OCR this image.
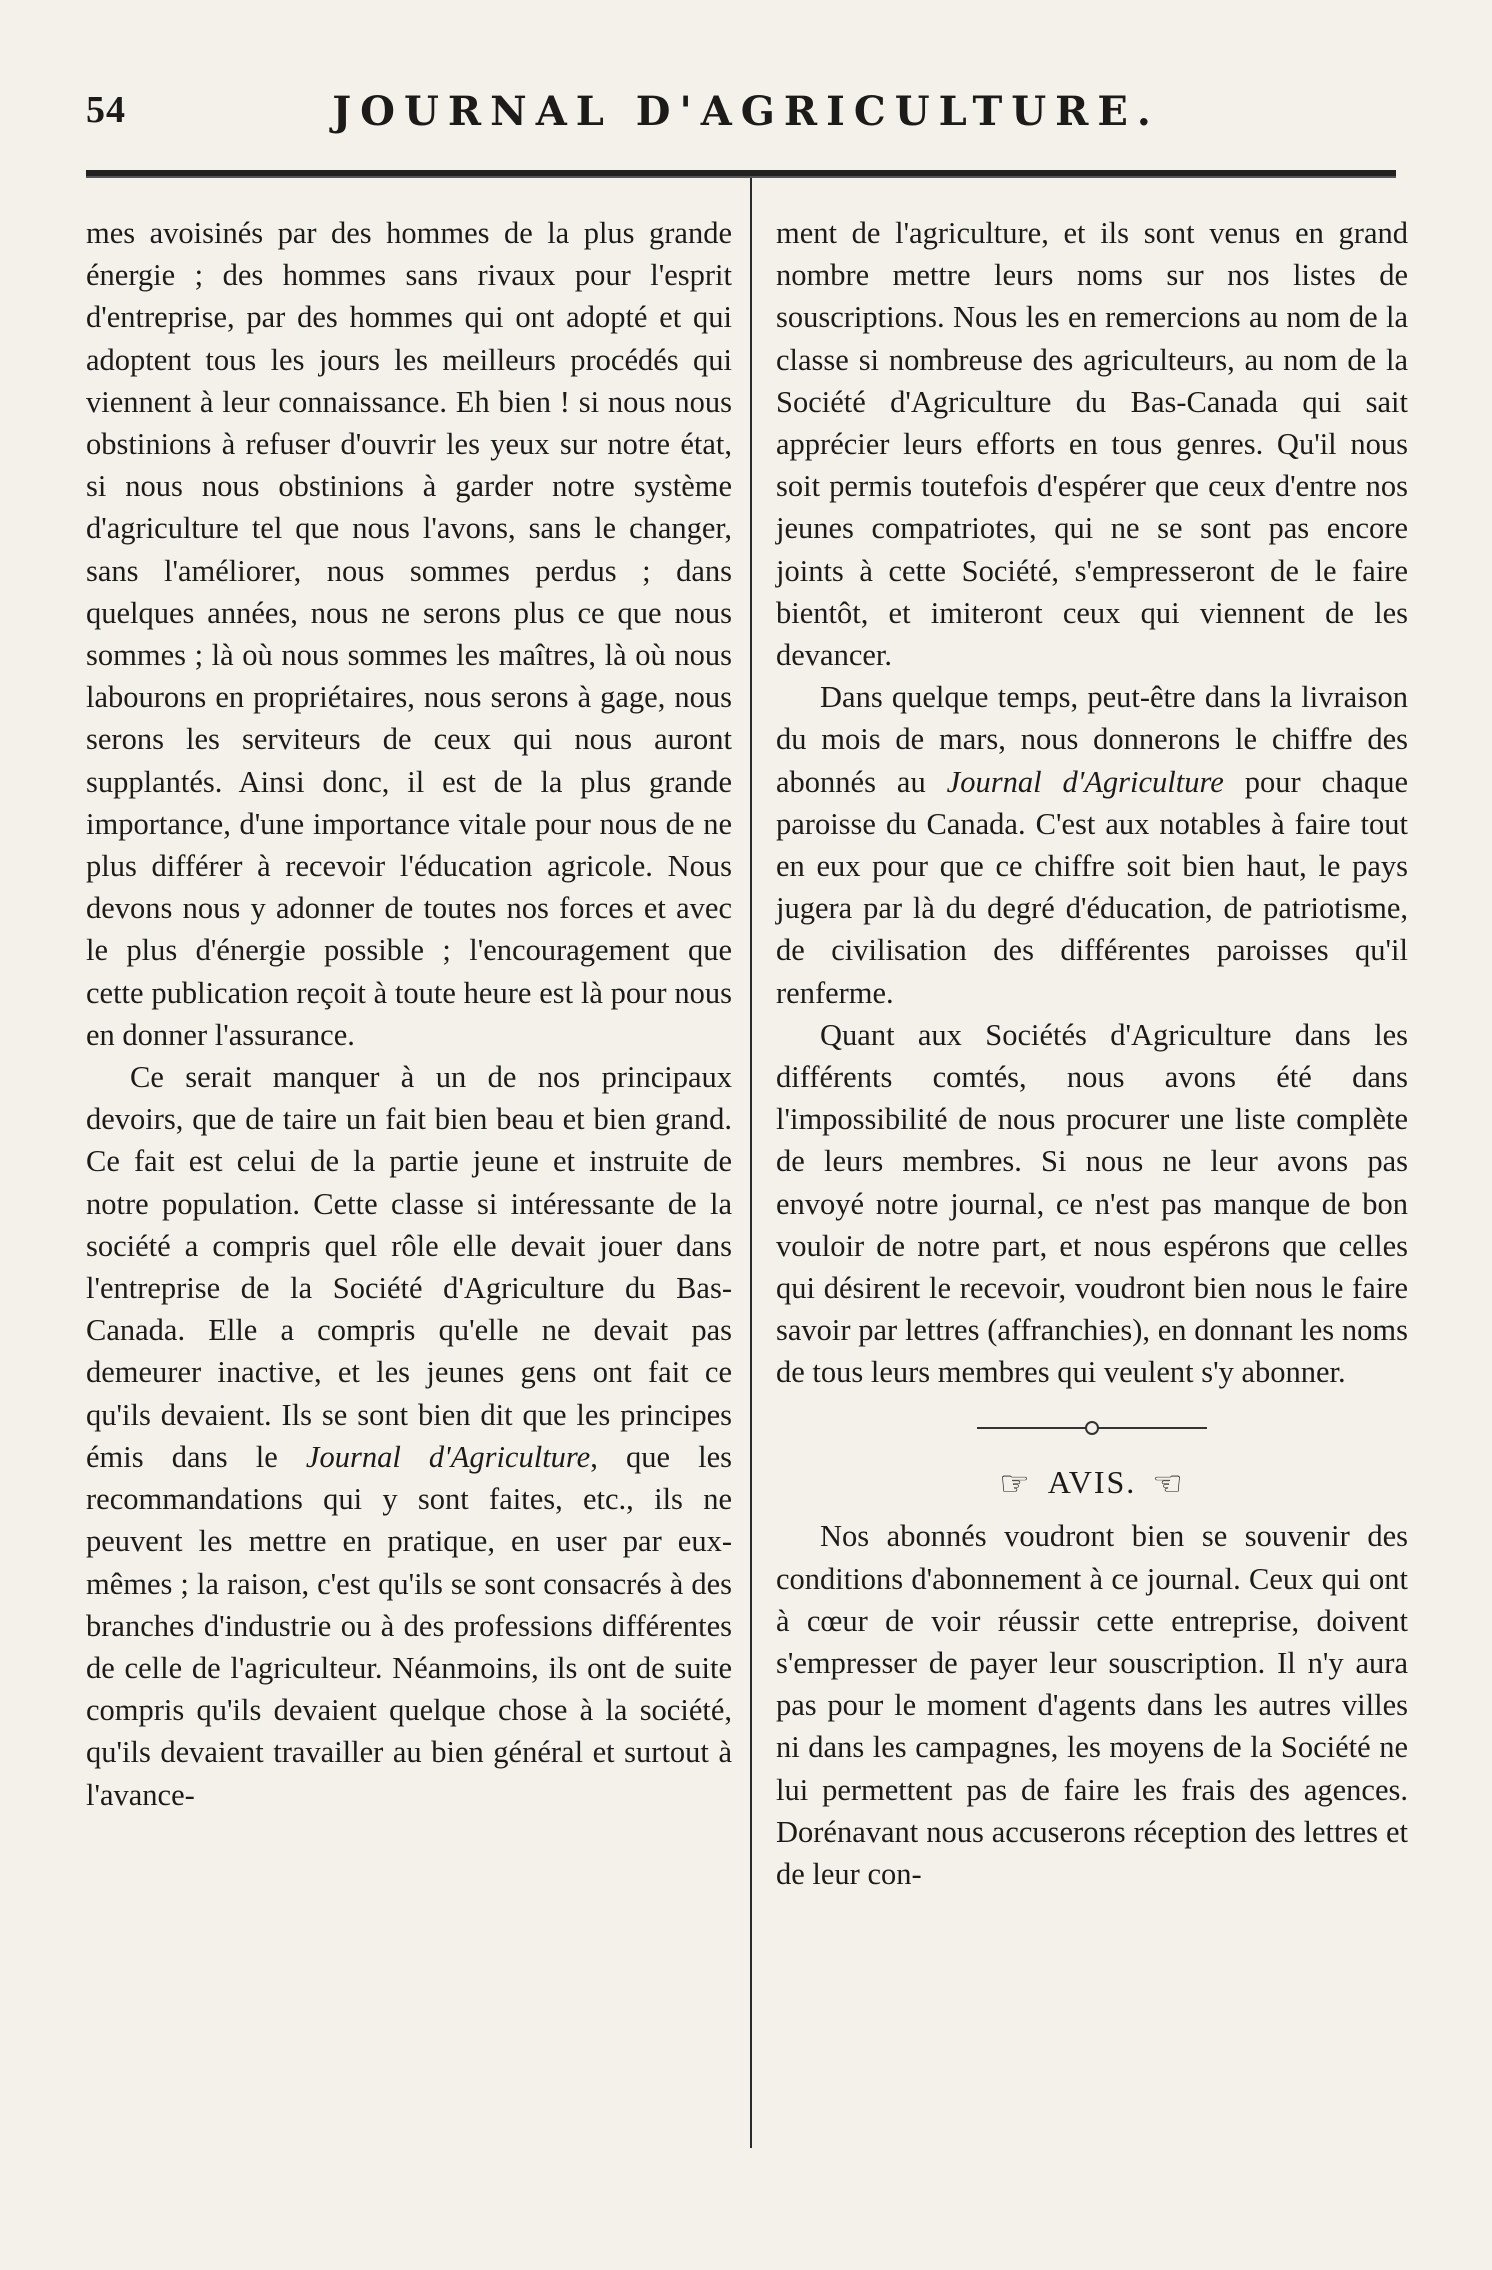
54	JOURNAL D'AGRICULTURE.

mes avoisinés par des hommes de la plus grande énergie ; des hommes sans rivaux pour l'esprit d'entreprise, par des hommes qui ont adopté et qui adoptent tous les jours les meilleurs procédés qui viennent à leur connaissance. Eh bien ! si nous nous obstinions à refuser d'ouvrir les yeux sur notre état, si nous nous obstinions à garder notre système d'agriculture tel que nous l'avons, sans le changer, sans l'améliorer, nous sommes perdus ; dans quelques années, nous ne serons plus ce que nous sommes ; là où nous sommes les maîtres, là où nous labourons en propriétaires, nous serons à gage, nous serons les serviteurs de ceux qui nous auront supplantés. Ainsi donc, il est de la plus grande importance, d'une importance vitale pour nous de ne plus différer à recevoir l'éducation agricole. Nous devons nous y adonner de toutes nos forces et avec le plus d'énergie possible ; l'encouragement que cette publication reçoit à toute heure est là pour nous en donner l'assurance.

Ce serait manquer à un de nos principaux devoirs, que de taire un fait bien beau et bien grand. Ce fait est celui de la partie jeune et instruite de notre population. Cette classe si intéressante de la société a compris quel rôle elle devait jouer dans l'entreprise de la Société d'Agriculture du Bas-Canada. Elle a compris qu'elle ne devait pas demeurer inactive, et les jeunes gens ont fait ce qu'ils devaient. Ils se sont bien dit que les principes émis dans le Journal d'Agriculture, que les recommandations qui y sont faites, etc., ils ne peuvent les mettre en pratique, en user par eux-mêmes ; la raison, c'est qu'ils se sont consacrés à des branches d'industrie ou à des professions différentes de celle de l'agriculteur. Néanmoins, ils ont de suite compris qu'ils devaient quelque chose à la société, qu'ils devaient travailler au bien général et surtout à l'avance-

ment de l'agriculture, et ils sont venus en grand nombre mettre leurs noms sur nos listes de souscriptions. Nous les en remercions au nom de la classe si nombreuse des agriculteurs, au nom de la Société d'Agriculture du Bas-Canada qui sait apprécier leurs efforts en tous genres. Qu'il nous soit permis toutefois d'espérer que ceux d'entre nos jeunes compatriotes, qui ne se sont pas encore joints à cette Société, s'empresseront de le faire bientôt, et imiteront ceux qui viennent de les devancer.

Dans quelque temps, peut-être dans la livraison du mois de mars, nous donnerons le chiffre des abonnés au Journal d'Agriculture pour chaque paroisse du Canada. C'est aux notables à faire tout en eux pour que ce chiffre soit bien haut, le pays jugera par là du degré d'éducation, de patriotisme, de civilisation des différentes paroisses qu'il renferme.

Quant aux Sociétés d'Agriculture dans les différents comtés, nous avons été dans l'impossibilité de nous procurer une liste complète de leurs membres. Si nous ne leur avons pas envoyé notre journal, ce n'est pas manque de bon vouloir de notre part, et nous espérons que celles qui désirent le recevoir, voudront bien nous le faire savoir par lettres (affranchies), en donnant les noms de tous leurs membres qui veulent s'y abonner.

☞ AVIS. ☜

Nos abonnés voudront bien se souvenir des conditions d'abonnement à ce journal. Ceux qui ont à cœur de voir réussir cette entreprise, doivent s'empresser de payer leur souscription. Il n'y aura pas pour le moment d'agents dans les autres villes ni dans les campagnes, les moyens de la Société ne lui permettent pas de faire les frais des agences. Dorénavant nous accuserons réception des lettres et de leur con-
